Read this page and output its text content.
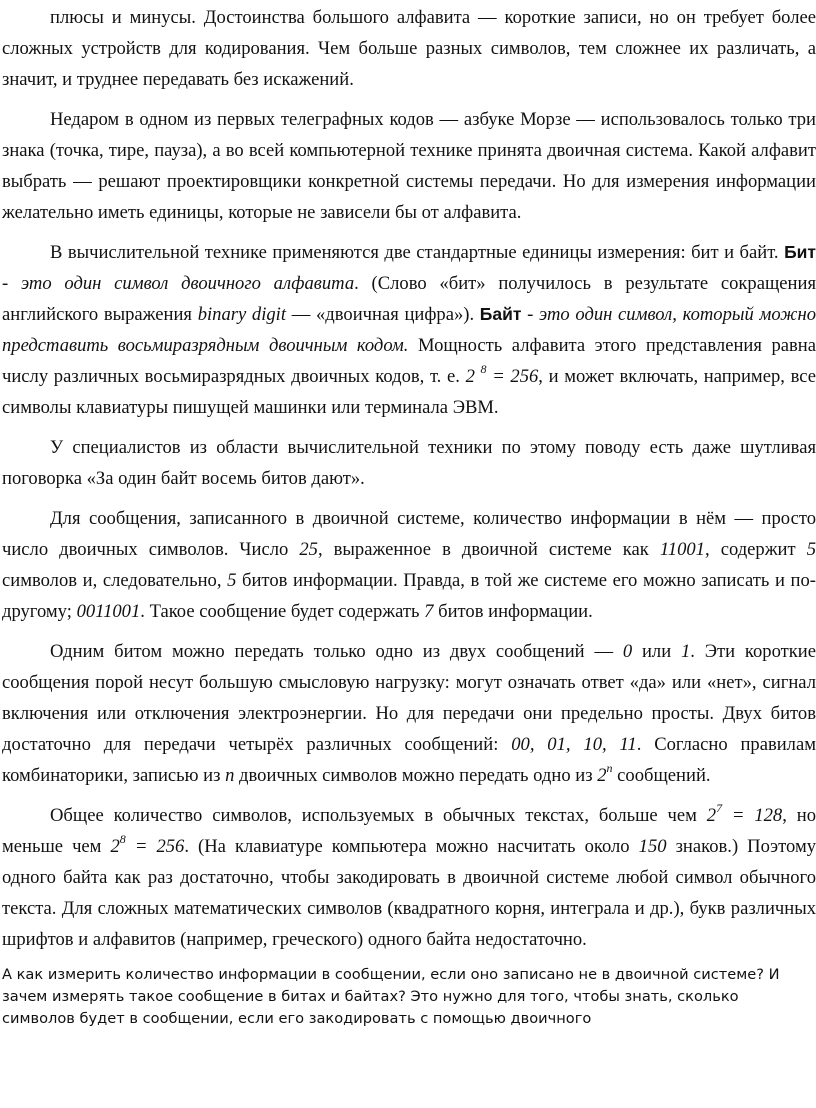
плюсы и минусы. Достоинства большого алфавита — короткие записи, но он требует более сложных устройств для кодирования. Чем больше разных символов, тем сложнее их различать, а значит, и труднее передавать без искажений.

Недаром в одном из первых телеграфных кодов — азбуке Морзе — использовалось только три знака (точка, тире, пауза), а во всей компьютерной технике принята двоичная система. Какой алфавит выбрать — решают проектировщики конкретной системы передачи. Но для измерения информации желательно иметь единицы, которые не зависели бы от алфавита.

В вычислительной технике применяются две стандартные единицы измерения: бит и байт. Бит - это один символ двоичного алфавита. (Слово «бит» получилось в результате сокращения английского выражения binary digit — «двоичная цифра»). Байт - это один символ, который можно представить восьмиразрядным двоичным кодом. Мощность алфавита этого представления равна числу различных восьмиразрядных двоичных кодов, т. е. 2 $^8$ = 256, и может включать, например, все символы клавиатуры пишущей машинки или терминала ЭВМ.

У специалистов из области вычислительной техники по этому поводу есть даже шутливая поговорка «За один байт восемь битов дают».

Для сообщения, записанного в двоичной системе, количество информации в нём — просто число двоичных символов. Число 25, выраженное в двоичной системе как 11001, содержит 5 символов и, следовательно, 5 битов информации. Правда, в той же системе его можно записать и по-другому; 0011001. Такое сообщение будет содержать 7 битов информации.

Одним битом можно передать только одно из двух сообщений — 0 или 1. Эти короткие сообщения порой несут большую смысловую нагрузку: могут означать ответ «да» или «нет», сигнал включения или отключения электроэнергии. Но для передачи они предельно просты. Двух битов достаточно для передачи четырёх различных сообщений: 00, 01, 10, 11. Согласно правилам комбинаторики, записью из n двоичных символов можно передать одно из 2$^n$ сообщений.

Общее количество символов, используемых в обычных текстах, больше чем $2^7 = 128$, но меньше чем $2^8 = 256$. (На клавиатуре компьютера можно насчитать около 150 знаков.) Поэтому одного байта как раз достаточно, чтобы закодировать в двоичной системе любой символ обычного текста. Для сложных математических символов (квадратного корня, интеграла и др.), букв различных шрифтов и алфавитов (например, греческого) одного байта недостаточно.

А как измерить количество информации в сообщении, если оно записано не в двоичной системе? И зачем измерять такое сообщение в битах и байтах? Это нужно для того, чтобы знать, сколько символов будет в сообщении, если его закодировать с помощью двоичного
